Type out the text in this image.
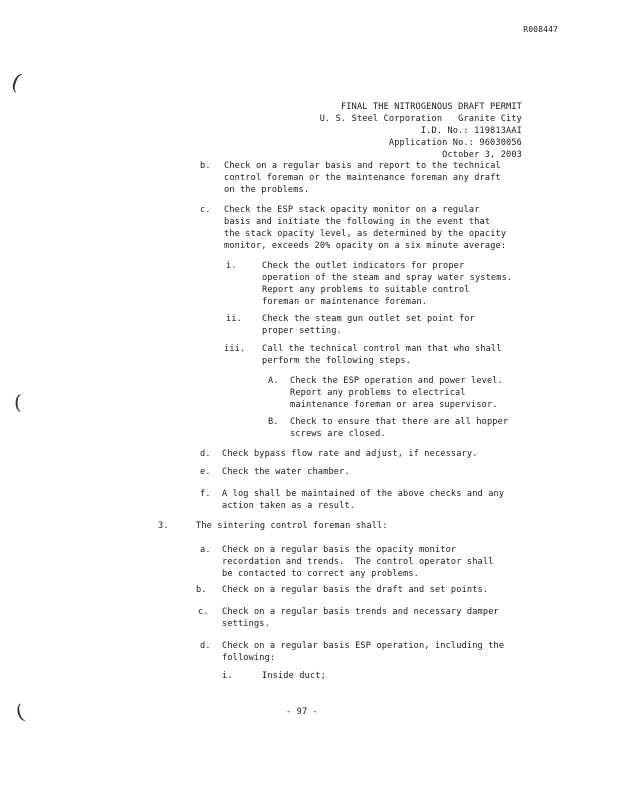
R008447
FINAL THE NITROGENOUS DRAFT PERMIT
U. S. Steel Corporation   Granite City
I.D. No.: 119813AAI
Application No.: 96030056
October 3, 2003
b. Check on a regular basis and report to the technical
control foreman or the maintenance foreman any draft
on the problems.
c. Check the ESP stack opacity monitor on a regular
basis and initiate the following in the event that
the stack opacity level, as determined by the opacity
monitor, exceeds 20% opacity on a six minute average:
i.	Check the outlet indicators for proper
operation of the steam and spray water systems.
Report any problems to suitable control
foreman or maintenance foreman.
ii. Check the steam gun outlet set point for
proper setting.
iii. Call the technical control man that who shall
perform the following steps.
A. Check the ESP operation and power level.
Report any problems to electrical
maintenance foreman or area supervisor.
B. Check to ensure that there are all hopper
screws are closed.
d. Check bypass flow rate and adjust, if necessary.
e. Check the water chamber.
f. A log shall be maintained of the above checks and any
action taken as a result.
3.	The sintering control foreman shall:
a. Check on a regular basis the opacity monitor
recordation and trends.  The control operator shall
be contacted to correct any problems.
b. Check on a regular basis the draft and set points.
c. Check on a regular basis trends and necessary damper
settings.
d. Check on a regular basis ESP operation, including the
following:
i.	Inside duct;
- 97 -
(
(
(
